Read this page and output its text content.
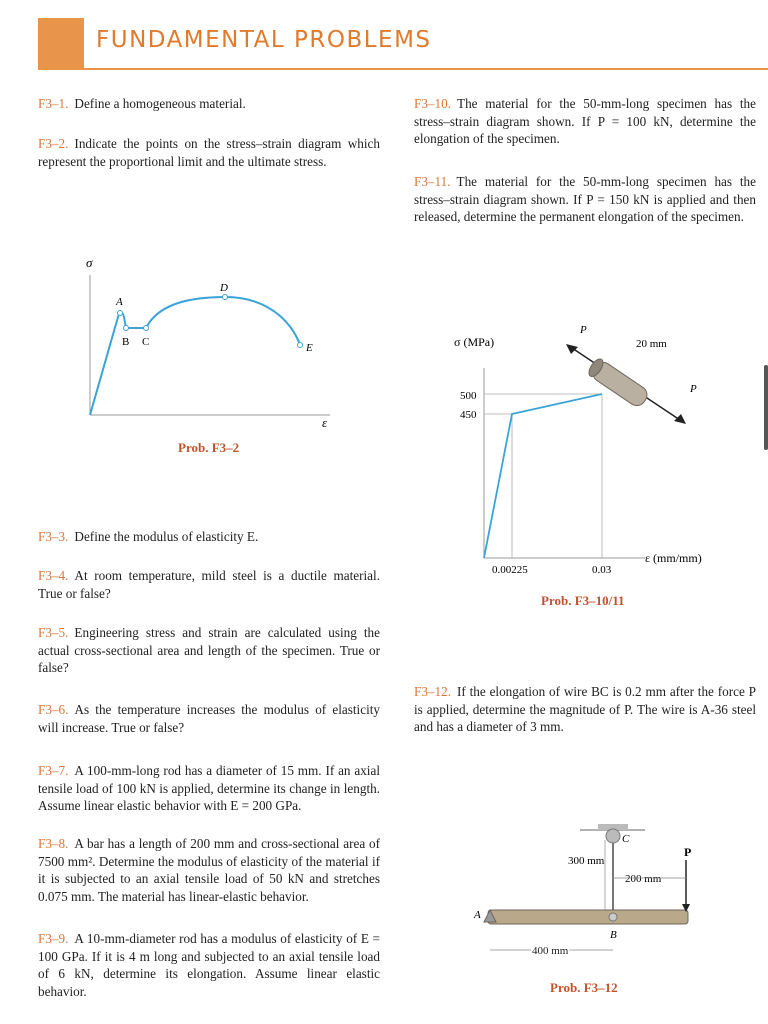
FUNDAMENTAL PROBLEMS
F3–1. Define a homogeneous material.
F3–2. Indicate the points on the stress–strain diagram which represent the proportional limit and the ultimate stress.
σ
ε
A
B C
D
E
Prob. F3–2
F3–3. Define the modulus of elasticity E.
F3–4. At room temperature, mild steel is a ductile material. True or false?
F3–5. Engineering stress and strain are calculated using the actual cross-sectional area and length of the specimen. True or false?
F3–6. As the temperature increases the modulus of elasticity will increase. True or false?
F3–7. A 100-mm-long rod has a diameter of 15 mm. If an axial tensile load of 100 kN is applied, determine its change in length. Assume linear elastic behavior with E = 200 GPa.
F3–8. A bar has a length of 200 mm and cross-sectional area of 7500 mm². Determine the modulus of elasticity of the material if it is subjected to an axial tensile load of 50 kN and stretches 0.075 mm. The material has linear-elastic behavior.
F3–9. A 10-mm-diameter rod has a modulus of elasticity of E = 100 GPa. If it is 4 m long and subjected to an axial tensile load of 6 kN, determine its elongation. Assume linear elastic behavior.
F3–10. The material for the 50-mm-long specimen has the stress–strain diagram shown. If P = 100 kN, determine the elongation of the specimen.
F3–11. The material for the 50-mm-long specimen has the stress–strain diagram shown. If P = 150 kN is applied and then released, determine the permanent elongation of the specimen.
σ (MPa)
ε (mm/mm)
500
450
0.00225	0.03
P
P
20 mm
Prob. F3–10/11
F3–12. If the elongation of wire BC is 0.2 mm after the force P is applied, determine the magnitude of P. The wire is A-36 steel and has a diameter of 3 mm.
C
B
A
P
300 mm
200 mm
400 mm
Prob. F3–12
